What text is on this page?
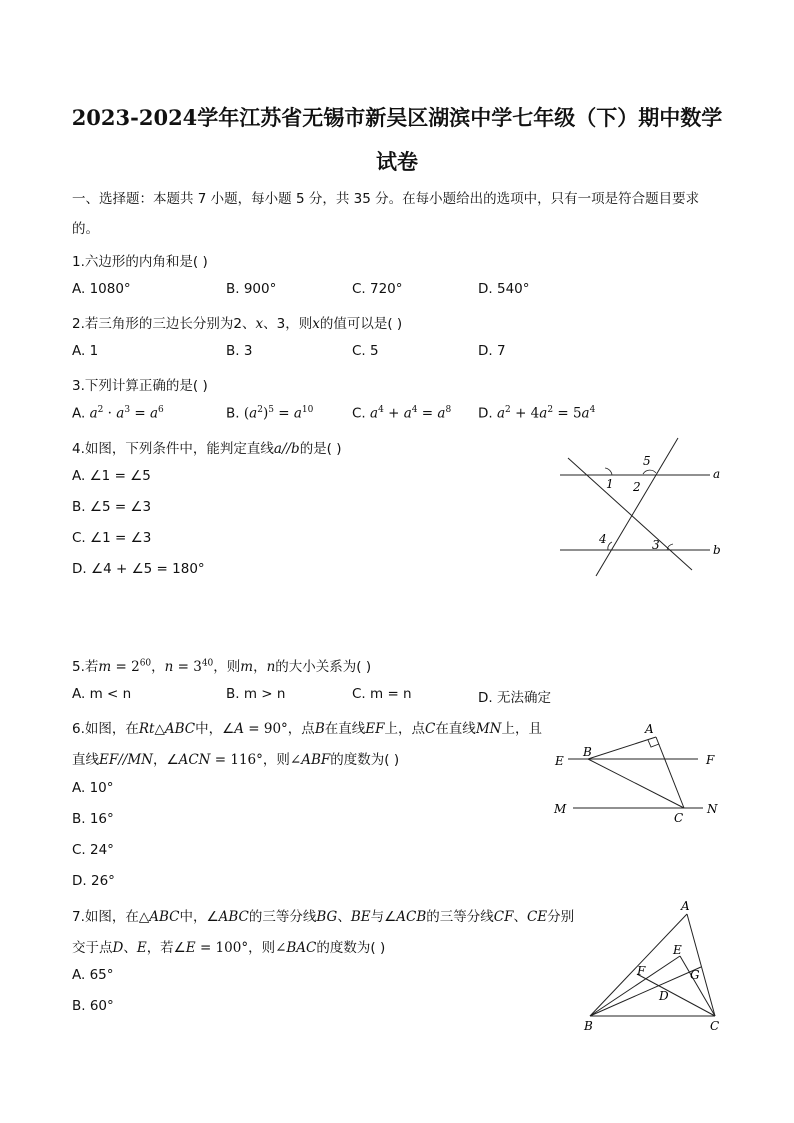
2023-2024学年江苏省无锡市新吴区湖滨中学七年级（下）期中数学
试卷
一、选择题：本题共 7 小题，每小题 5 分，共 35 分。在每小题给出的选项中，只有一项是符合题目要求
的。
1.六边形的内角和是( )
A. 1080°	B. 900°	C. 720°	D. 540°
2.若三角形的三边长分别为2、x、3，则x的值可以是( )
A. 1	B. 3	C. 5	D. 7
3.下列计算正确的是( )
A. $a^2 \cdot a^3 = a^6$	B. $(a^2)^5 = a^{10}$	C. $a^4 + a^4 = a^8$ D. $a^2 + 4a^2 = 5a^4$
4.如图，下列条件中，能判定直线a//b的是( )
A. ∠1 = ∠5
B. ∠5 = ∠3
C. ∠1 = ∠3
D. ∠4 + ∠5 = 180°
1 2
3
4
5
a
b
5.若$m = 2^{60}$，$n = 3^{40}$，则m，n的大小关系为( )
A. m < n	B. m > n	C. m = n	D. 无法确定
6.如图，在Rt△ABC中，∠A = 90°，点B在直线EF上，点C在直线MN上，且
直线EF//MN，∠ACN = 116°，则∠ABF的度数为( )
A. 10°
B. 16°
C. 24°
D. 26°
A
B
E	F
M	N
C
7.如图，在△ABC中，∠ABC的三等分线BG、BE与∠ACB的三等分线CF、CE分别
交于点D、E，若∠E = 100°，则∠BAC的度数为( )
A. 65°
B. 60°
A
E
F	G
D
B	C
